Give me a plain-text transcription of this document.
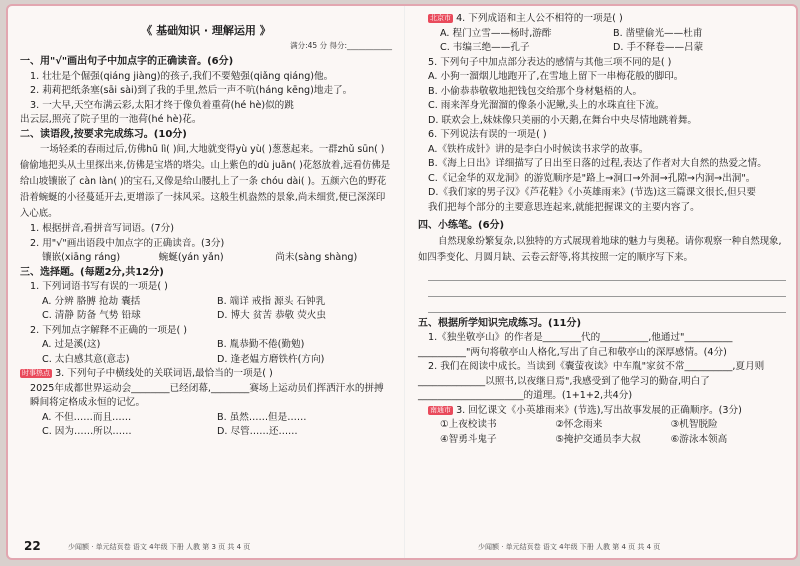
《 基础知识 · 理解运用 》
满分:45 分 得分:____________
一、用"√"画出句子中加点字的正确读音。(6分)
1. 壮壮是个倔强(qiáng jiàng)的孩子,我们不要勉强(qiǎng qiáng)他。
2. 莉莉把纸条塞(sāi sài)到了我的手里,然后一声不吭(háng kēng)地走了。
3. 一大早,天空布满云彩,太阳才终于像负着重荷(hé hè)似的跳
出云层,照亮了院子里的一池荷(hé hè)花。
二、读语段,按要求完成练习。(10分)
一场轻柔的春雨过后,仿佛hū lì( )间,大地就变得yù yù( )葱葱起来。一群zhǔ sūn( )偷偷地把头从土里探出来,仿佛是宝塔的塔尖。山上紫色的dù juān( )花怒放着,远看仿佛是给山坡镶嵌了 càn làn( )的宝石,又像是给山腰扎上了一条 chóu dài( )。五颜六色的野花沿着蜿蜒的小径蔓延开去,更增添了一抹风采。这般生机盎然的景象,尚未细赏,便已深深印入心底。
1. 根据拼音,看拼音写词语。(7分)
2. 用"√"画出语段中加点字的正确读音。(3分)
镶嵌(xiāng ráng)	蜿蜒(yán yǎn)	尚未(sàng shàng)
三、选择题。(每题2分,共12分)
1. 下列词语书写有误的一项是( )
A. 分辨 胳膊 抢劫 囊括	B. 端详 戒指 源头 石钟乳
C. 清静 防备 气势 铅球	D. 博大 贫苦 恭敬 荧火虫
2. 下列加点字解释不正确的一项是( )
A. 过是溪(这)	B. 胤恭勤不倦(勤勉)
C. 太白感其意(意志)	D. 逢老媪方磨铁杵(方向)
时事热点 3. 下列句子中横线处的关联词语,最恰当的一项是( )
2025年成都世界运动会________已经闭幕,________赛场上运动员们挥洒汗水的拼搏瞬间将定格成永恒的记忆。
A. 不但……而且……	B. 虽然……但是……
C. 因为……所以……	D. 尽管……还……
北京市 4. 下列成语和主人公不相符的一项是( )
A. 程门立雪——杨时,游酢	B. 凿壁偷光——杜甫
C. 韦编三绝——孔子	D. 手不释卷——吕蒙
5. 下列句子中加点部分表达的感情与其他三项不同的是( )
A. 小狗一溜烟儿地跑开了,在雪地上留下一串梅花般的脚印。
B. 小偷恭恭敬敬地把钱包交给那个身材魁梧的人。
C. 雨来浑身光溜溜的像条小泥鳅,头上的水珠直往下流。
D. 联欢会上,妹妹像只美丽的小天鹅,在舞台中央尽情地跳着舞。
6. 下列说法有误的一项是( )
A.《铁杵成针》讲的是李白小时候读书求学的故事。
B.《海上日出》详细描写了日出至日落的过程,表达了作者对大自然的热爱之情。
C.《记金华的双龙洞》的游览顺序是"路上→洞口→外洞→孔隙→内洞→出洞"。
D.《我们家的男子汉》《芦花鞋》《小英雄雨来》(节选)这三篇课文很长,但只要
我们把每个部分的主要意思连起来,就能把握课文的主要内容了。
四、小练笔。(6分)
自然现象纷繁复杂,以独特的方式展现着地球的魅力与奥秘。请你观察一种自然现象,如四季变化、月圆月缺、云卷云舒等,将其按照一定的顺序写下来。
五、根据所学知识完成练习。(11分)
1.《独坐敬亭山》的作者是________代的__________,他通过"__________
__________"两句将敬亭山人格化,写出了自己和敬亭山的深厚感情。(4分)
2. 我们在阅读中成长。当读到《囊萤夜读》中车胤"家贫不常__________,夏月则
______________以照书,以夜继日焉",我感受到了他学习的勤奋,明白了______________________的道理。(1+1+2,共4分)
南通市 3. 回忆课文《小英雄雨来》(节选),写出故事发展的正确顺序。(3分)
①上夜校读书	②怀念雨来	③机智脱险
④智勇斗鬼子	⑤掩护交通员李大叔	⑥游泳本领高
22	少闻额 · 单元结页卷 语文 4年级 下册 人教 第 3 页 共 4 页	少闻额 · 单元结页卷 语文 4年级 下册 人教 第 4 页 共 4 页
